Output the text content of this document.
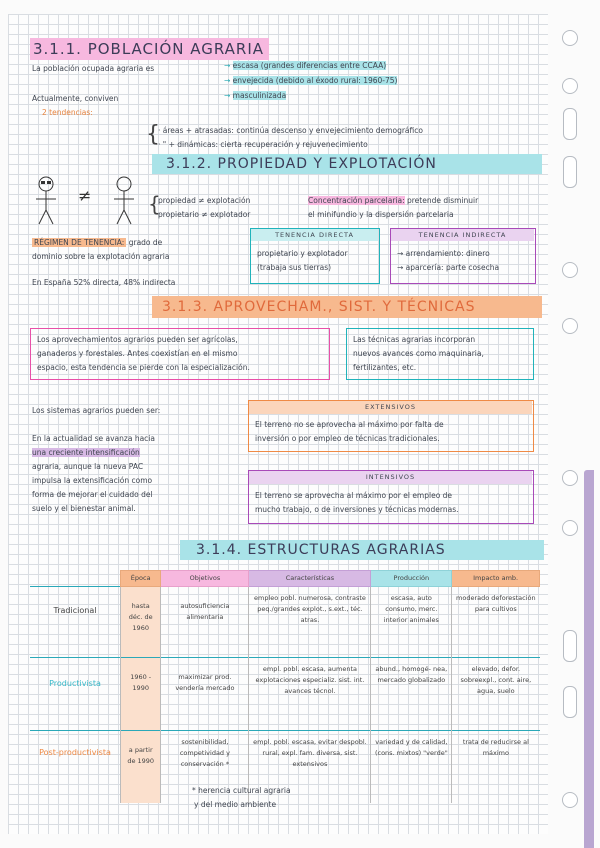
3.1.1. POBLACIÓN AGRARIA
La población ocupada agraria es	→ escasa (grandes diferencias entre CCAA)
→ envejecida (debido al éxodo rural: 1960-75)
→ masculinizada
Actualmente, conviven
2 tendencias:
{
· áreas + atrasadas: continúa descenso y envejecimiento demográfico
· " + dinámicas: cierta recuperación y rejuvenecimiento
3.1.2. PROPIEDAD Y EXPLOTACIÓN
≠	{
propiedad ≠ explotación
propietario ≠ explotador
Concentración parcelaria: pretende disminuir
el minifundio y la dispersión parcelaria
RÉGIMEN DE TENENCIA: grado de
dominio sobre la explotación agraria
En España 52% directa, 48% indirecta
TENENCIA DIRECTA
propietario y explotador
(trabaja sus tierras)
TENENCIA INDIRECTA
→ arrendamiento: dinero
→ aparcería: parte cosecha
3.1.3. APROVECHAM., SIST. Y TÉCNICAS
Los aprovechamientos agrarios pueden ser agrícolas,
ganaderos y forestales. Antes coexistían en el mismo
espacio, esta tendencia se pierde con la especialización.
Las técnicas agrarias incorporan
nuevos avances como maquinaria,
fertilizantes, etc.
Los sistemas agrarios pueden ser:
En la actualidad se avanza hacia
una creciente intensificación
agraria, aunque la nueva PAC
impulsa la extensificación como
forma de mejorar el cuidado del
suelo y el bienestar animal.
EXTENSIVOS
El terreno no se aprovecha al máximo por falta de
inversión o por empleo de técnicas tradicionales.
INTENSIVOS
El terreno se aprovecha al máximo por el empleo de
mucho trabajo, o de inversiones y técnicas modernas.
3.1.4. ESTRUCTURAS AGRARIAS
	Época	Objetivos	Características	Producción	Impacto amb.
Tradicional	hasta déc. de 1960	autosuficiencia alimentaria	empleo pobl. numerosa, contraste peq./grandes explot., s.ext., téc. atras.	escasa, auto consumo, merc. interior animales	moderado deforestación para cultivos
Productivista	1960 - 1990	maximizar prod. vendería mercado	empl. pobl. escasa, aumenta explotaciones especializ. sist. int. avances técnol.	abund., homogé- nea, mercado globalizado	elevado, defor. sobreexpl., cont. aire, agua, suelo
Post-productivista	a partir de 1990	sostenibilidad, competividad y conservación *	empl. pobl. escasa, evitar despobl. rural, expl. fam. diversa, sist. extensivos	variedad y de calidad, (cons. mixtos) "verde"	trata de reducirse al máximo
* herencia cultural agraria
y del medio ambiente
